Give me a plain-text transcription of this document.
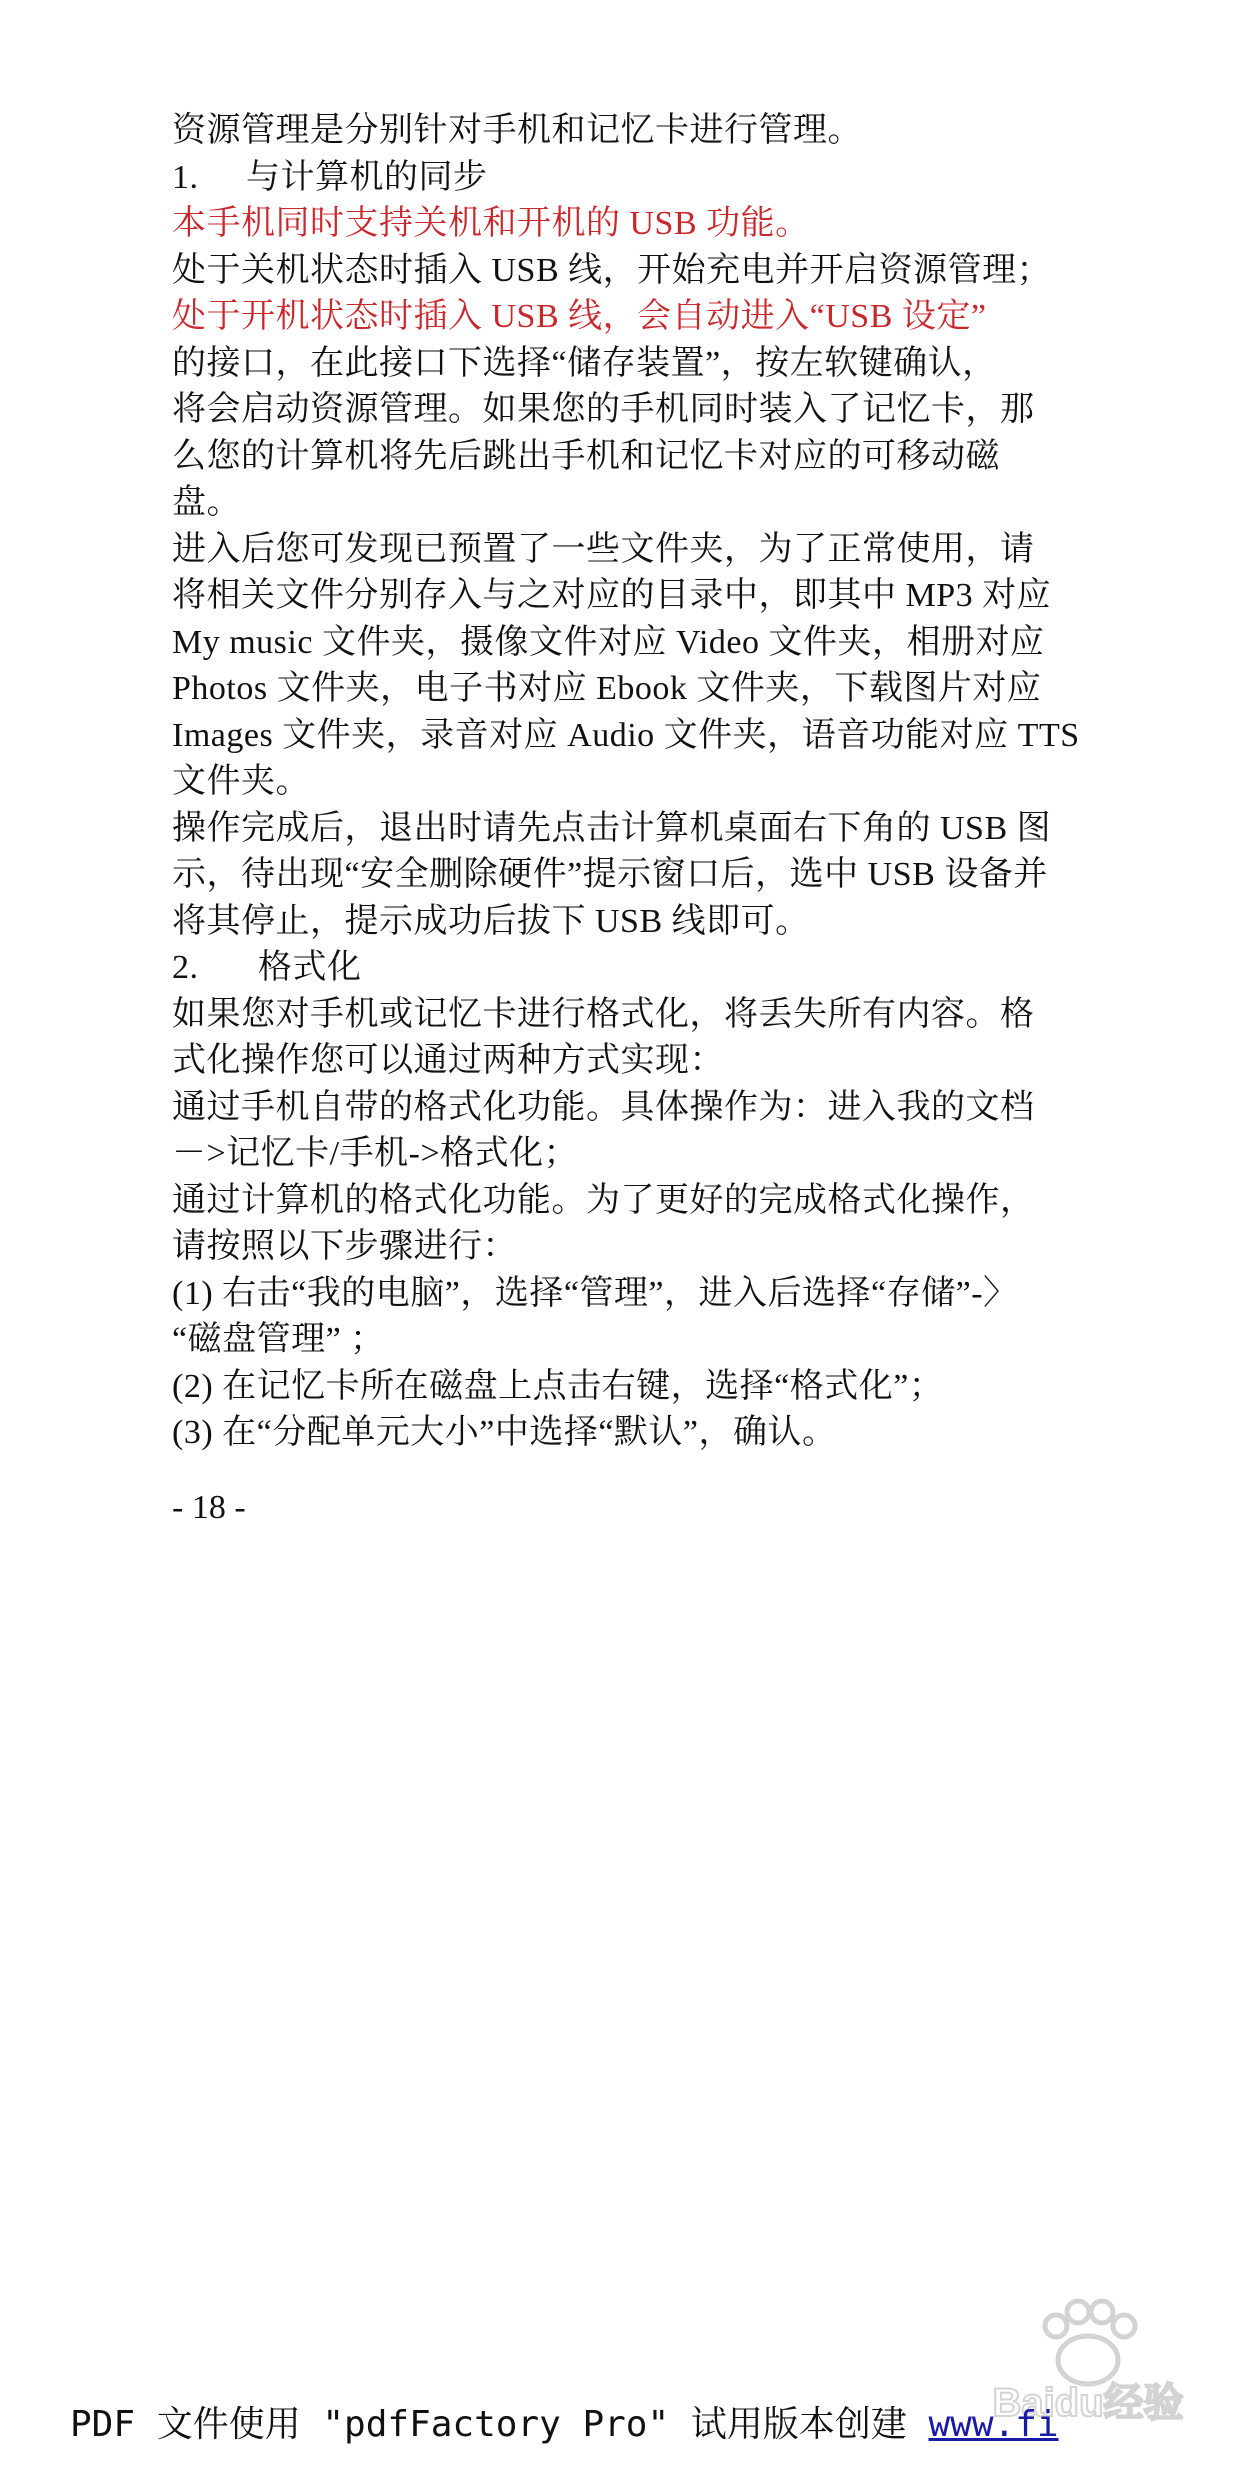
资源管理是分别针对手机和记忆卡进行管理。
1. 与计算机的同步
本手机同时支持关机和开机的 USB 功能。
处于关机状态时插入 USB 线，开始充电并开启资源管理；
处于开机状态时插入 USB 线，会自动进入“USB 设定”
的接口，在此接口下选择“储存装置”，按左软键确认，
将会启动资源管理。如果您的手机同时装入了记忆卡，那
么您的计算机将先后跳出手机和记忆卡对应的可移动磁
盘。
进入后您可发现已预置了一些文件夹，为了正常使用，请
将相关文件分别存入与之对应的目录中，即其中 MP3 对应
My music 文件夹，摄像文件对应 Video 文件夹，相册对应
Photos 文件夹，电子书对应 Ebook 文件夹，下载图片对应
Images 文件夹，录音对应 Audio 文件夹，语音功能对应 TTS
文件夹。
操作完成后，退出时请先点击计算机桌面右下角的 USB 图
示，待出现“安全删除硬件”提示窗口后，选中 USB 设备并
将其停止，提示成功后拔下 USB 线即可。
2. 格式化
如果您对手机或记忆卡进行格式化，将丢失所有内容。格
式化操作您可以通过两种方式实现：
通过手机自带的格式化功能。具体操作为：进入我的文档
－>记忆卡/手机->格式化；
通过计算机的格式化功能。为了更好的完成格式化操作，
请按照以下步骤进行：
(1) 右击“我的电脑”，选择“管理”，进入后选择“存储”-〉
“磁盘管理” ；
(2) 在记忆卡所在磁盘上点击右键，选择“格式化”；
(3) 在“分配单元大小”中选择“默认”，确认。
- 18 -
Baidu经验
PDF 文件使用 "pdfFactory Pro" 试用版本创建 www.fi
